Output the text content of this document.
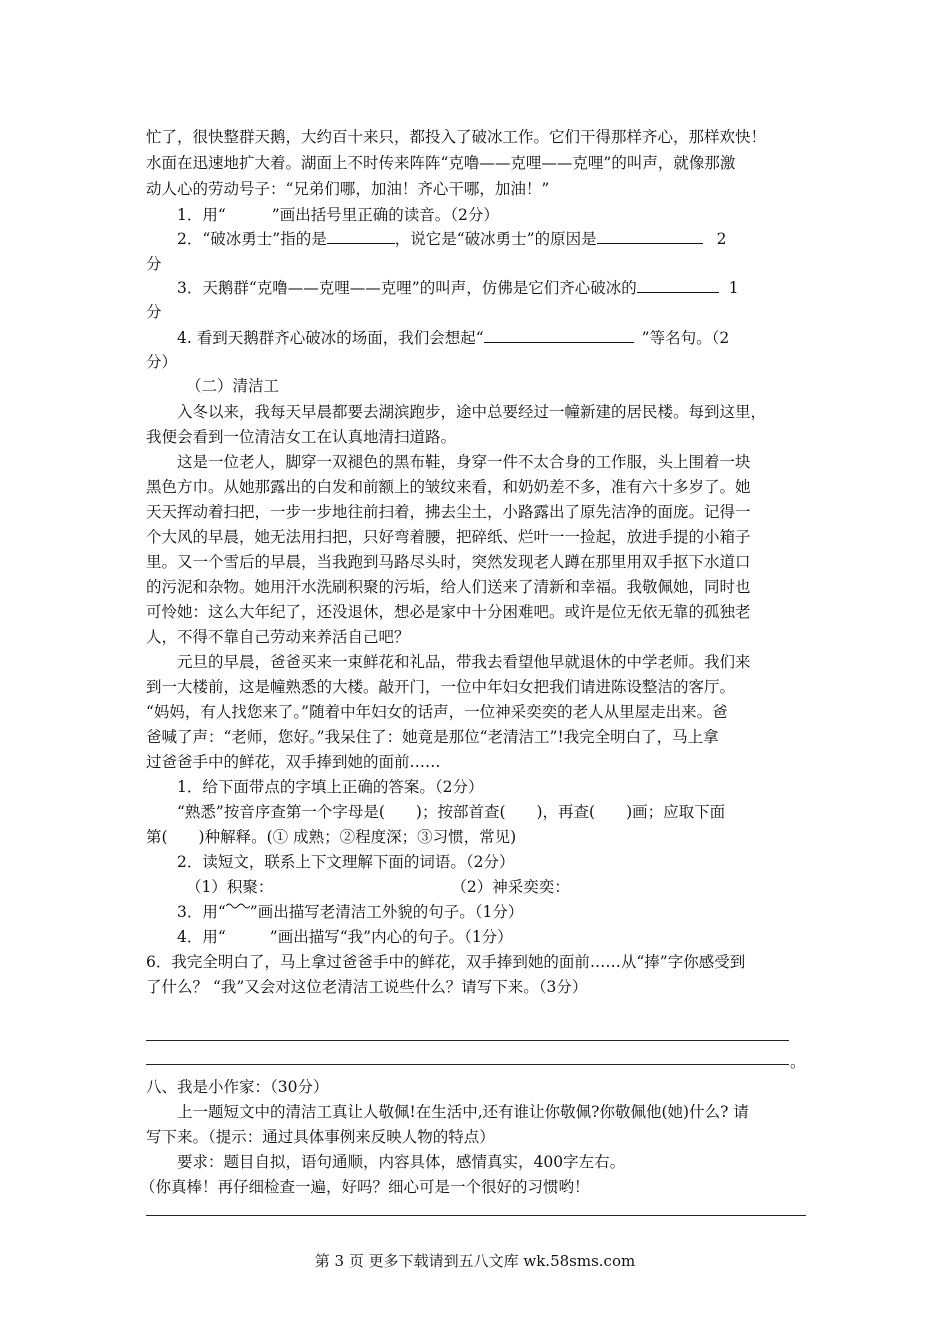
忙了，很快整群天鹅，大约百十来只，都投入了破冰工作。它们干得那样齐心，那样欢快！
水面在迅速地扩大着。湖面上不时传来阵阵“克噜——克哩——克哩”的叫声，就像那激
动人心的劳动号子：“兄弟们哪，加油！齐心干哪，加油！”
1．用“	”画出括号里正确的读音。（2分）
2．“破冰勇士”指的是	，说它是“破冰勇士”的原因是	2
分
3．天鹅群“克噜——克哩——克哩”的叫声，仿佛是它们齐心破冰的	1
分
4. 看到天鹅群齐心破冰的场面，我们会想起“	”等名句。（2
分）
（二）清洁工
入冬以来，我每天早晨都要去湖滨跑步，途中总要经过一幢新建的居民楼。每到这里，
我便会看到一位清洁女工在认真地清扫道路。
这是一位老人，脚穿一双褪色的黑布鞋，身穿一件不太合身的工作服，头上围着一块
黑色方巾。从她那露出的白发和前额上的皱纹来看，和奶奶差不多，准有六十多岁了。她
天天挥动着扫把，一步一步地往前扫着，拂去尘土，小路露出了原先洁净的面庞。记得一
个大风的早晨，她无法用扫把，只好弯着腰，把碎纸、烂叶一一捡起，放进手提的小箱子
里。又一个雪后的早晨，当我跑到马路尽头时，突然发现老人蹲在那里用双手抠下水道口
的污泥和杂物。她用汗水洗刷积聚的污垢，给人们送来了清新和幸福。我敬佩她，同时也
可怜她：这么大年纪了，还没退休，想必是家中十分困难吧。或许是位无依无靠的孤独老
人，不得不靠自己劳动来养活自己吧？
元旦的早晨，爸爸买来一束鲜花和礼品，带我去看望他早就退休的中学老师。我们来
到一大楼前，这是幢熟悉的大楼。敲开门，一位中年妇女把我们请进陈设整洁的客厅。
“妈妈，有人找您来了。”随着中年妇女的话声，一位神采奕奕的老人从里屋走出来。爸
爸喊了声：“老师，您好。”我呆住了：她竟是那位“老清洁工”!我完全明白了，马上拿
过爸爸手中的鲜花，双手捧到她的面前……
1．给下面带点的字填上正确的答案。（2分）
“熟悉”按音序查第一个字母是(　　)；按部首查(　　)，再查(　　)画；应取下面
第(　　)种解释。(① 成熟；②程度深；③习惯，常见)
2．读短文，联系上下文理解下面的词语。（2分）
（1）积聚：	（2）神采奕奕：
3．用“ ”画出描写老清洁工外貌的句子。（1分）
4．用“	”画出描写“我”内心的句子。（1分）
6．我完全明白了，马上拿过爸爸手中的鲜花，双手捧到她的面前……从“捧”字你感受到
了什么？ “我”又会对这位老清洁工说些什么？请写下来。（3分）
。
八、我是小作家：（30分）
上一题短文中的清洁工真让人敬佩!在生活中,还有谁让你敬佩?你敬佩他(她)什么? 请
写下来。（提示：通过具体事例来反映人物的特点）
要求：题目自拟，语句通顺，内容具体，感情真实，400字左右。
（你真棒！再仔细检查一遍，好吗？细心可是一个很好的习惯哟！
第 3 页 更多下载请到五八文库 wk.58sms.com
